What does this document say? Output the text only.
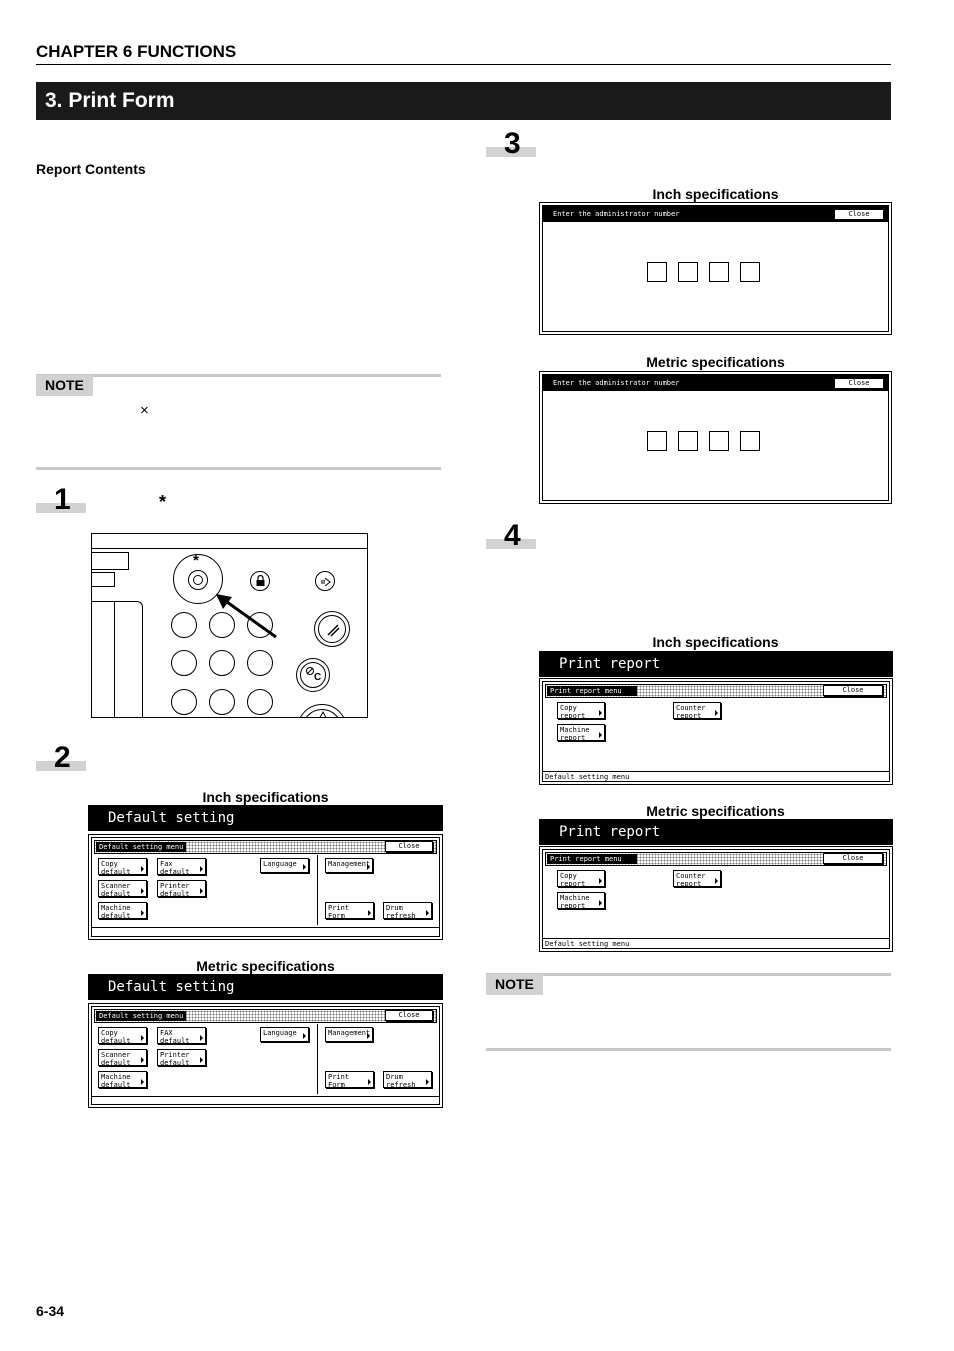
CHAPTER 6 FUNCTIONS
3. Print Form
Report Contents
NOTE
×
1	*
*
C
2
Inch specifications
Default setting
Default setting menu	Close
Copy
default
Fax
default
Language	Management
Scanner
default
Printer
default
Machine
default
Print
Form
Drum
refresh
Metric specifications
Default setting
Default setting menu	Close
Copy
default
FAX
default
Language	Management
Scanner
default
Printer
default
Machine
default
Print
Form
Drum
refresh
3
Inch specifications
Enter the administrator number	Close
Metric specifications
Enter the administrator number	Close
4
Inch specifications
Print report
Print report menu	Close
Copy
report
Counter
report
Machine
report
Default setting menu
Metric specifications
Print report
Print report menu	Close
Copy
report
Counter
report
Machine
report
Default setting menu
NOTE
6-34
